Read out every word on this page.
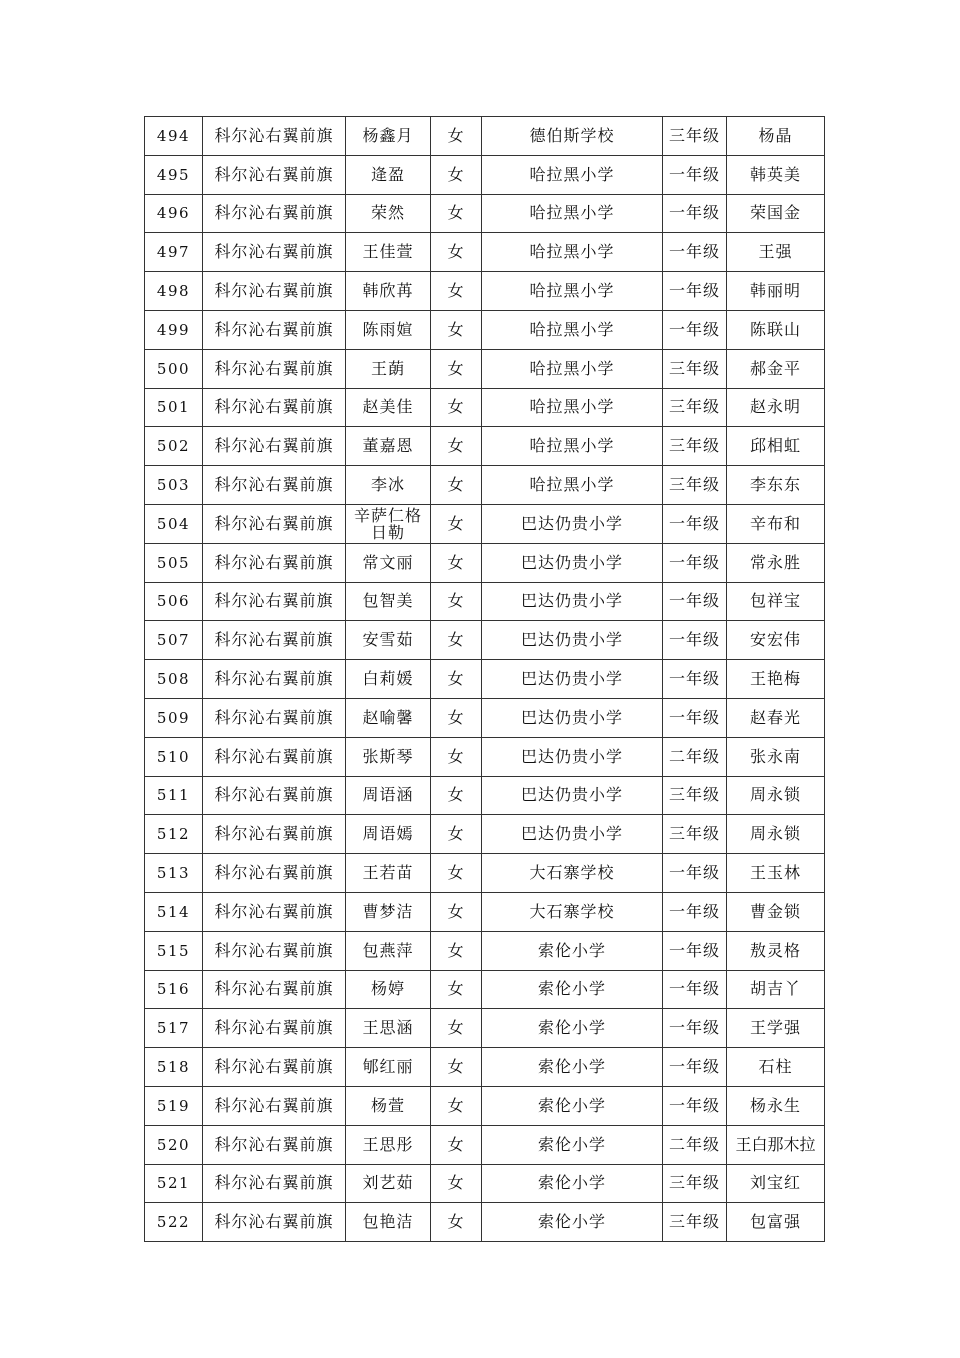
494	科尔沁右翼前旗	杨鑫月	女	德伯斯学校	三年级	杨晶
495	科尔沁右翼前旗	逄盈	女	哈拉黑小学	一年级	韩英美
496	科尔沁右翼前旗	荣然	女	哈拉黑小学	一年级	荣国金
497	科尔沁右翼前旗	王佳萱	女	哈拉黑小学	一年级	王强
498	科尔沁右翼前旗	韩欣苒	女	哈拉黑小学	一年级	韩丽明
499	科尔沁右翼前旗	陈雨媗	女	哈拉黑小学	一年级	陈联山
500	科尔沁右翼前旗	王蓢	女	哈拉黑小学	三年级	郝金平
501	科尔沁右翼前旗	赵美佳	女	哈拉黑小学	三年级	赵永明
502	科尔沁右翼前旗	董嘉恩	女	哈拉黑小学	三年级	邱相虹
503	科尔沁右翼前旗	李冰	女	哈拉黑小学	三年级	李东东
504	科尔沁右翼前旗	辛萨仁格日勒	女	巴达仍贵小学	一年级	辛布和
505	科尔沁右翼前旗	常文丽	女	巴达仍贵小学	一年级	常永胜
506	科尔沁右翼前旗	包智美	女	巴达仍贵小学	一年级	包祥宝
507	科尔沁右翼前旗	安雪茹	女	巴达仍贵小学	一年级	安宏伟
508	科尔沁右翼前旗	白莉媛	女	巴达仍贵小学	一年级	王艳梅
509	科尔沁右翼前旗	赵喻馨	女	巴达仍贵小学	一年级	赵春光
510	科尔沁右翼前旗	张斯琴	女	巴达仍贵小学	二年级	张永南
511	科尔沁右翼前旗	周语涵	女	巴达仍贵小学	三年级	周永锁
512	科尔沁右翼前旗	周语嫣	女	巴达仍贵小学	三年级	周永锁
513	科尔沁右翼前旗	王若苗	女	大石寨学校	一年级	王玉林
514	科尔沁右翼前旗	曹梦洁	女	大石寨学校	一年级	曹金锁
515	科尔沁右翼前旗	包燕萍	女	索伦小学	一年级	敖灵格
516	科尔沁右翼前旗	杨婷	女	索伦小学	一年级	胡吉丫
517	科尔沁右翼前旗	王思涵	女	索伦小学	一年级	王学强
518	科尔沁右翼前旗	郇红丽	女	索伦小学	一年级	石柱
519	科尔沁右翼前旗	杨萱	女	索伦小学	一年级	杨永生
520	科尔沁右翼前旗	王思彤	女	索伦小学	二年级	王白那木拉
521	科尔沁右翼前旗	刘艺茹	女	索伦小学	三年级	刘宝红
522	科尔沁右翼前旗	包艳洁	女	索伦小学	三年级	包富强
